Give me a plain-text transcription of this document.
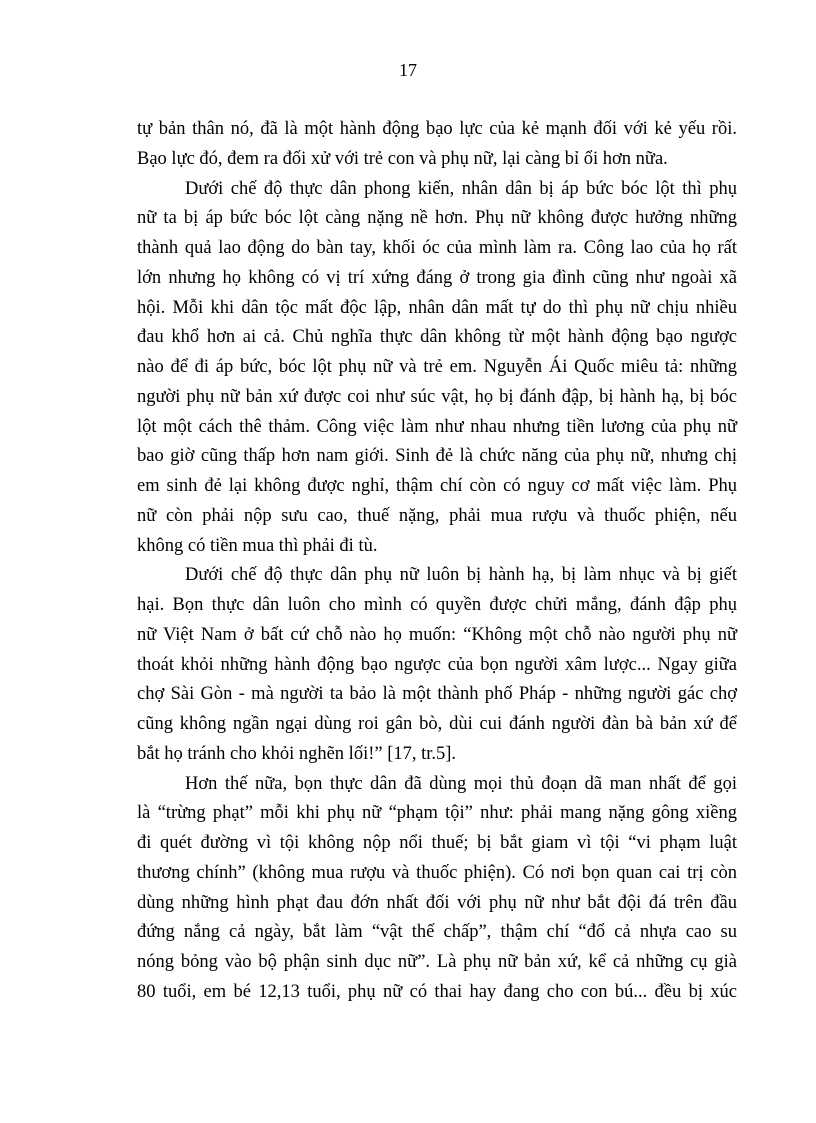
17
tự bản thân nó, đã là một hành động bạo lực của kẻ mạnh đối với kẻ yếu rồi.
Bạo lực đó, đem ra đối xử với trẻ con và phụ nữ, lại càng bỉ ổi hơn nữa.
Dưới chế độ thực dân phong kiến, nhân dân bị áp bức bóc lột thì phụ
nữ ta bị áp bức bóc lột càng nặng nề hơn. Phụ nữ không được hưởng những
thành quả lao động do bàn tay, khối óc của mình làm ra. Công lao của họ rất
lớn nhưng họ không có vị trí xứng đáng ở trong gia đình cũng như ngoài xã
hội. Mỗi khi dân tộc mất độc lập, nhân dân mất tự do thì phụ nữ chịu nhiều
đau khổ hơn ai cả. Chủ nghĩa thực dân không từ một hành động bạo ngược
nào để đi áp bức, bóc lột phụ nữ và trẻ em. Nguyễn Ái Quốc miêu tả: những
người phụ nữ bản xứ được coi như súc vật, họ bị đánh đập, bị hành hạ, bị bóc
lột một cách thê thảm. Công việc làm như nhau nhưng tiền lương của phụ nữ
bao giờ cũng thấp hơn nam giới. Sinh đẻ là chức năng của phụ nữ, nhưng chị
em sinh đẻ lại không được nghỉ, thậm chí còn có nguy cơ mất việc làm. Phụ
nữ còn phải nộp sưu cao, thuế nặng, phải mua rượu và thuốc phiện, nếu
không có tiền mua thì phải đi tù.
Dưới chế độ thực dân phụ nữ luôn bị hành hạ, bị làm nhục và bị giết
hại. Bọn thực dân luôn cho mình có quyền được chửi mắng, đánh đập phụ
nữ Việt Nam ở bất cứ chỗ nào họ muốn: “Không một chỗ nào người phụ nữ
thoát khỏi những hành động bạo ngược của bọn người xâm lược... Ngay giữa
chợ Sài Gòn - mà người ta bảo là một thành phố Pháp - những người gác chợ
cũng không ngần ngại dùng roi gân bò, dùi cui đánh người đàn bà bản xứ để
bắt họ tránh cho khỏi nghẽn lối!” [17, tr.5].
Hơn thế nữa, bọn thực dân đã dùng mọi thủ đoạn dã man nhất để gọi
là “trừng phạt” mỗi khi phụ nữ “phạm tội” như: phải mang nặng gông xiềng
đi quét đường vì tội không nộp nổi thuế; bị bắt giam vì tội “vi phạm luật
thương chính” (không mua rượu và thuốc phiện). Có nơi bọn quan cai trị còn
dùng những hình phạt đau đớn nhất đối với phụ nữ như bắt đội đá trên đầu
đứng nắng cả ngày, bắt làm “vật thế chấp”, thậm chí “đổ cả nhựa cao su
nóng bỏng vào bộ phận sinh dục nữ”. Là phụ nữ bản xứ, kể cả những cụ già
80 tuổi, em bé 12,13 tuổi, phụ nữ có thai hay đang cho con bú... đều bị xúc
